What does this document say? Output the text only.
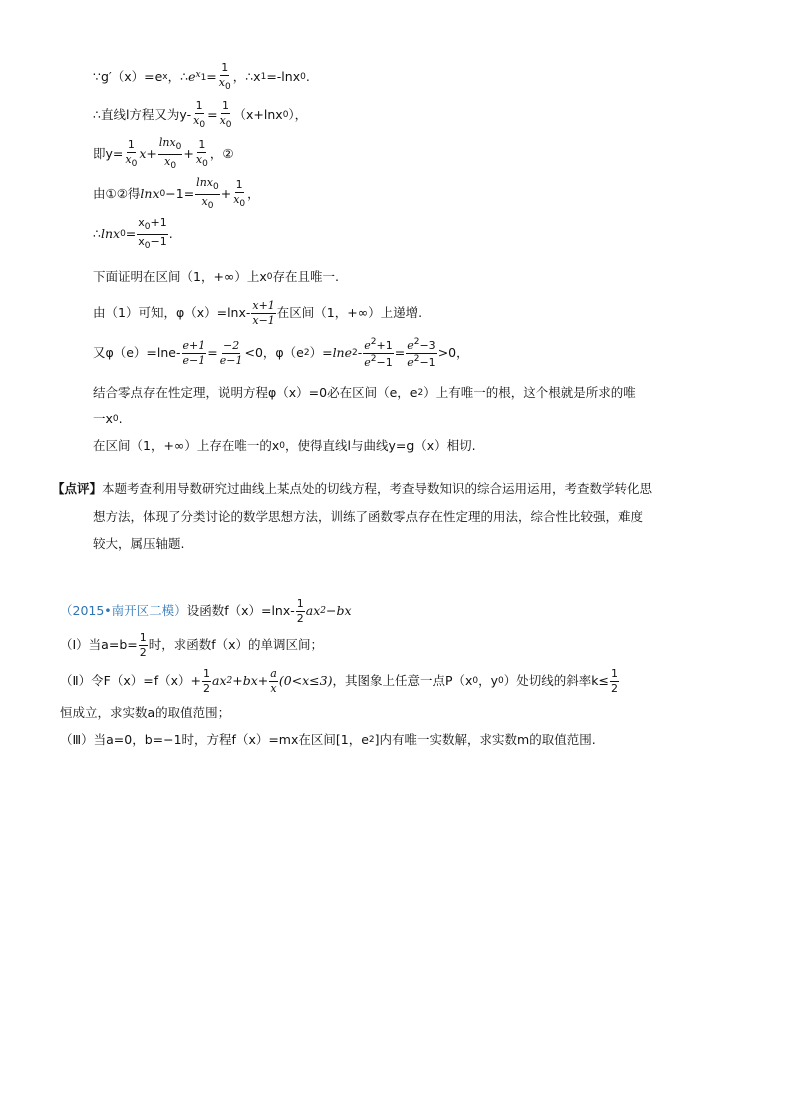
∵g′（x）=e x ，∴ e $x_1 = \frac{1}{x_0}$ ，∴x 1 =-lnx 0 .
∴直线l方程又为$y- \frac{1}{x_0} = \frac{1}{x_0} (x+\ln x$ 0 ），
即$y= \frac{1}{x_0} x+ \frac{\ln x_0}{x_0} + \frac{1}{x_0}$ ，②
由①②得 lnx $0 -1= \frac{\ln x_0}{x_0} + \frac{1}{x_0}$ ，
∴ lnx $0 = \frac{x_0+1}{x_0-1}$ .
下面证明在区间（1，+∞）上x 0 存在且唯一.
由（1）可知，$\varphi(x)=\ln x- \frac{x+1}{x-1}$ 在区间（1，+∞）上递增.
又$\varphi(e)=\ln e- \frac{e+1}{e-1} = \frac{-2}{e-1} <0$，φ（e 2 ）= lne $2 - \frac{e^2+1}{e^2-1} = \frac{e^2-3}{e^2-1} >0$，
结合零点存在性定理，说明方程φ（x）=0必在区间（e，e 2 ）上有唯一的根，这个根就是所求的唯
一x 0 .
在区间（1，+∞）上存在唯一的x 0 ，使得直线l与曲线y=g（x）相切.
【点评】 本题考查利用导数研究过曲线上某点处的切线方程，考查导数知识的综合运用运用，考查数学转化思
想方法，体现了分类讨论的数学思想方法，训练了函数零点存在性定理的用法，综合性比较强，难度
较大，属压轴题.
（2015•南开区二模） 设函数$f(x)=\ln x- \frac{1}{2}$ ax 2 −bx
（Ⅰ）当$a=b= \frac{1}{2}$ 时，求函数f（x）的单调区间；
（Ⅱ）令$F(x)=f(x)+ \frac{1}{2}$ ax $2 +bx+ \frac{a}{x} (0<x\le 3)$ ，其图象上任意一点P（x 0 ，y 0 ）处切线的斜率$k\le \frac{1}{2}$
恒成立，求实数a的取值范围；
（Ⅲ）当a=0，b=−1时，方程f（x）=mx在区间[1，e 2 ]内有唯一实数解，求实数m的取值范围.
